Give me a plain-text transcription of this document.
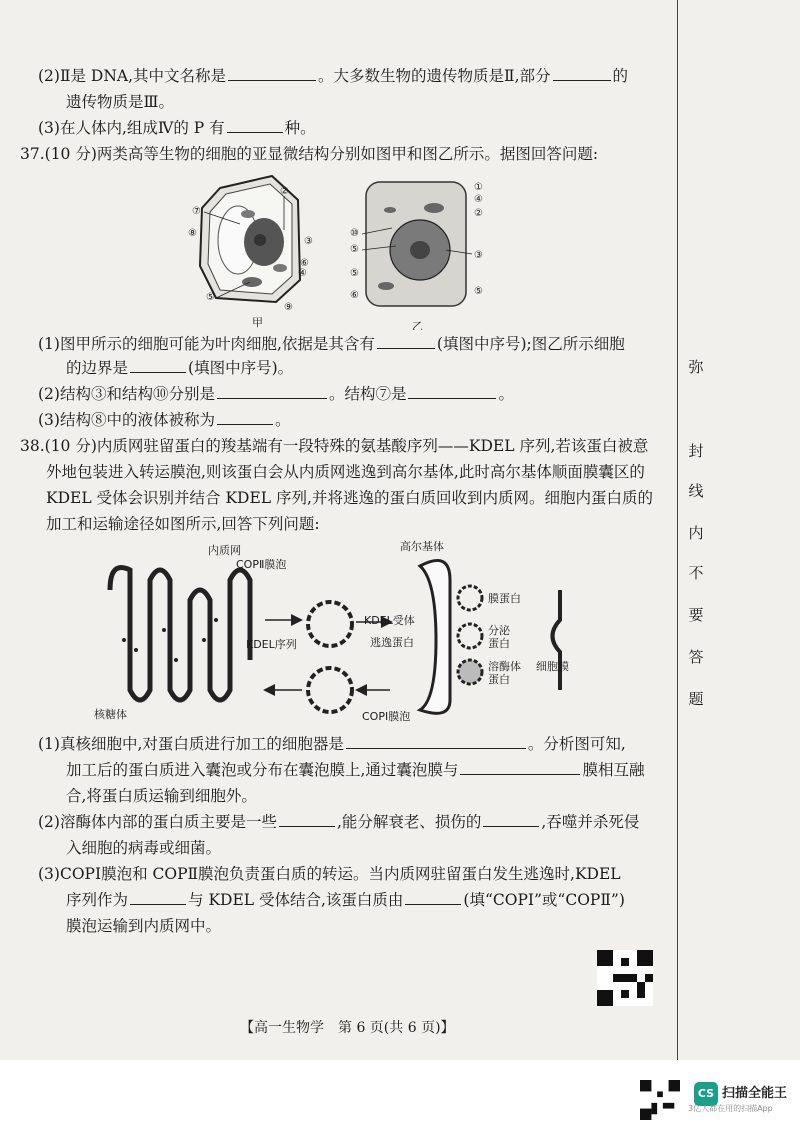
(2)Ⅱ是 DNA,其中文名称是	。大多数生物的遗传物质是Ⅱ,部分	的
遗传物质是Ⅲ。
(3)在人体内,组成Ⅳ的 P 有	种。
37.(10 分)两类高等生物的细胞的亚显微结构分别如图甲和图乙所示。据图回答问题:
⑦
②
⑧
③
⑥
④
⑤
⑨
甲
①
④
②
⑩
③
⑤
⑤
⑥	⑤
乙
(1)图甲所示的细胞可能为叶肉细胞,依据是其含有	(填图中序号);图乙所示细胞
的边界是	(填图中序号)。
(2)结构③和结构⑩分别是	。结构⑦是	。
(3)结构⑧中的液体被称为	。
38.(10 分)内质网驻留蛋白的羧基端有一段特殊的氨基酸序列——KDEL 序列,若该蛋白被意
外地包装进入转运膜泡,则该蛋白会从内质网逃逸到高尔基体,此时高尔基体顺面膜囊区的
KDEL 受体会识别并结合 KDEL 序列,并将逃逸的蛋白质回收到内质网。细胞内蛋白质的
加工和运输途径如图所示,回答下列问题:
内质网
COPⅡ膜泡
高尔基体
KDEL受体
KDEL序列	逃逸蛋白
核糖体	COPⅠ膜泡
膜蛋白
分泌
蛋白
溶酶体
蛋白
细胞膜
(1)真核细胞中,对蛋白质进行加工的细胞器是	。分析图可知,
加工后的蛋白质进入囊泡或分布在囊泡膜上,通过囊泡膜与	膜相互融
合,将蛋白质运输到细胞外。
(2)溶酶体内部的蛋白质主要是一些	,能分解衰老、损伤的	,吞噬并杀死侵
入细胞的病毒或细菌。
(3)COPⅠ膜泡和 COPⅡ膜泡负责蛋白质的转运。当内质网驻留蛋白发生逃逸时,KDEL
序列作为	与 KDEL 受体结合,该蛋白质由	(填“COPⅠ”或“COPⅡ”)
膜泡运输到内质网中。
弥
封
线
内
不
要
答
题
【高一生物学　第 6 页(共 6 页)】
CS 扫描全能王
3亿人都在用的扫描App
